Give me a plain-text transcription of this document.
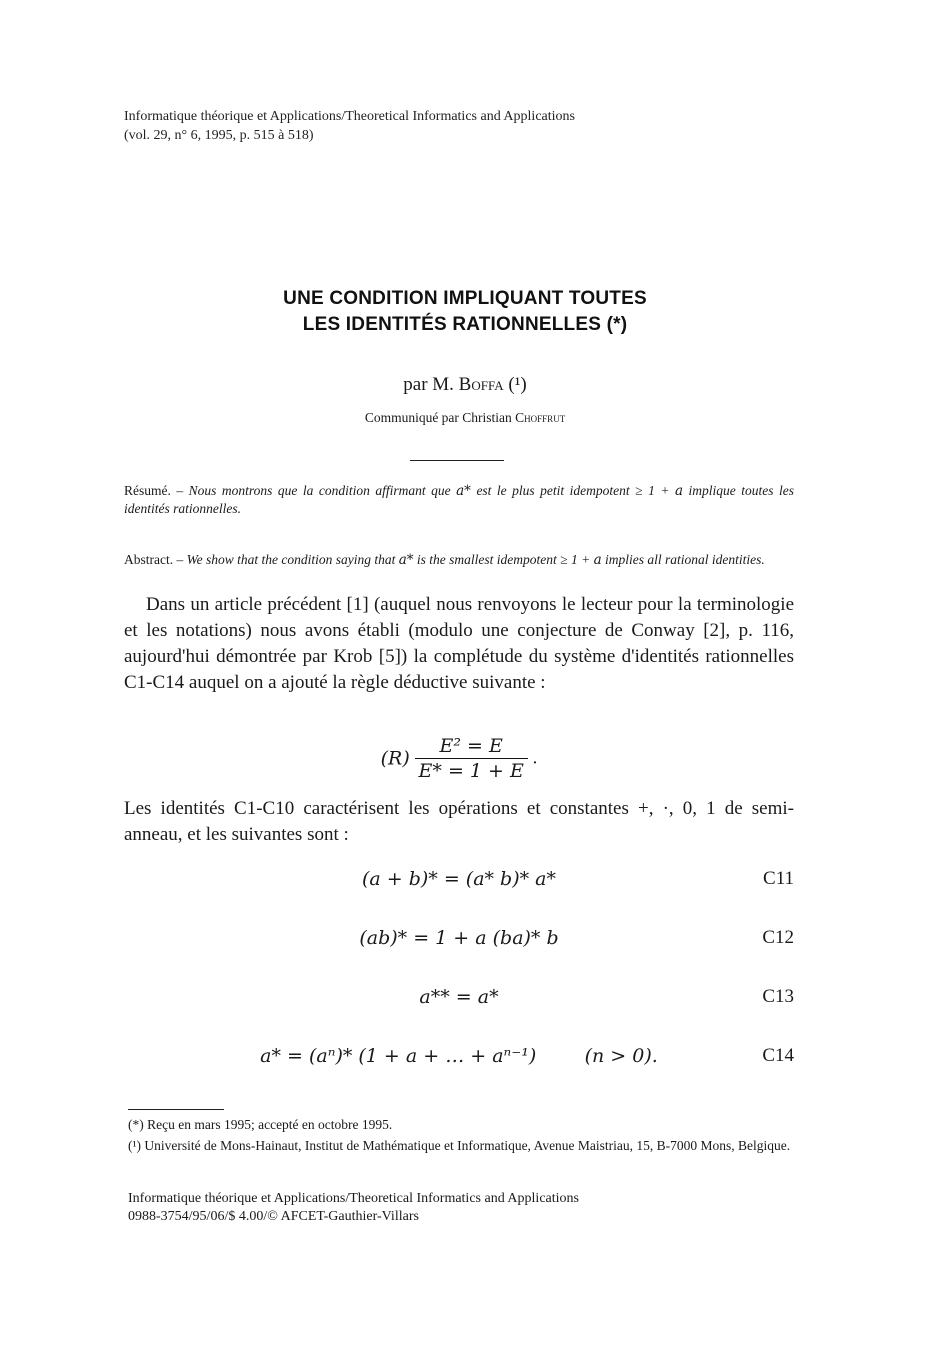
Informatique théorique et Applications/Theoretical Informatics and Applications
(vol. 29, n° 6, 1995, p. 515 à 518)
UNE CONDITION IMPLIQUANT TOUTES
LES IDENTITÉS RATIONNELLES (*)
par M. Boffa (¹)
Communiqué par Christian Choffrut
Résumé. – Nous montrons que la condition affirmant que a* est le plus petit idempotent ≥ 1 + a implique toutes les identités rationnelles.
Abstract. – We show that the condition saying that a* is the smallest idempotent ≥ 1 + a implies all rational identities.

Dans un article précédent [1] (auquel nous renvoyons le lecteur pour la terminologie et les notations) nous avons établi (modulo une conjecture de Conway [2], p. 116, aujourd'hui démontrée par Krob [5]) la complétude du système d'identités rationnelles C1-C14 auquel on a ajouté la règle déductive suivante :

$(R) \frac{\text{E² = E}}{E* = 1 + E}$ .

Les identités C1-C10 caractérisent les opérations et constantes +, ·, 0, 1 de semi-anneau, et les suivantes sont :

(a + b)* = (a* b)* a*	C11
(ab)* = 1 + a (ba)* b	C12
a** = a*	C13
a* = (aⁿ)* (1 + a + … + aⁿ⁻¹)        (n > 0).	C14
(*) Reçu en mars 1995; accepté en octobre 1995.
(¹) Université de Mons-Hainaut, Institut de Mathématique et Informatique, Avenue Maistriau, 15, B-7000 Mons, Belgique.
Informatique théorique et Applications/Theoretical Informatics and Applications
0988-3754/95/06/$ 4.00/© AFCET-Gauthier-Villars
